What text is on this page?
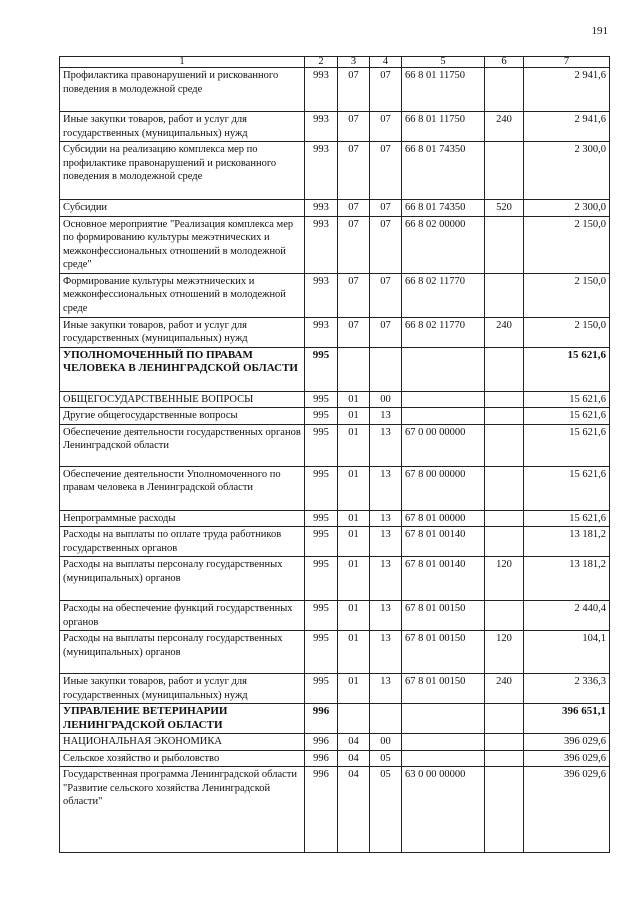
191
1	2	3	4	5	6	7
Профилактика правонарушений и рискованного поведения в молодежной среде	993	07	07	66 8 01 11750		2 941,6
Иные закупки товаров, работ и услуг для государственных (муниципальных) нужд	993	07	07	66 8 01 11750	240	2 941,6
Субсидии на реализацию комплекса мер по профилактике правонарушений и рискованного поведения в молодежной среде	993	07	07	66 8 01 74350		2 300,0
Субсидии	993	07	07	66 8 01 74350	520	2 300,0
Основное мероприятие "Реализация комплекса мер по формированию культуры межэтнических и межконфессиональных отношений в молодежной среде"	993	07	07	66 8 02 00000		2 150,0
Формирование культуры межэтнических и межконфессиональных отношений в молодежной среде	993	07	07	66 8 02 11770		2 150,0
Иные закупки товаров, работ и услуг для государственных (муниципальных) нужд	993	07	07	66 8 02 11770	240	2 150,0
УПОЛНОМОЧЕННЫЙ ПО ПРАВАМ ЧЕЛОВЕКА В ЛЕНИНГРАДСКОЙ ОБЛАСТИ	995					15 621,6
ОБЩЕГОСУДАРСТВЕННЫЕ ВОПРОСЫ	995	01	00			15 621,6
Другие общегосударственные вопросы	995	01	13			15 621,6
Обеспечение деятельности государственных органов Ленинградской области	995	01	13	67 0 00 00000		15 621,6
Обеспечение деятельности Уполномоченного по правам человека в Ленинградской области	995	01	13	67 8 00 00000		15 621,6
Непрограммные расходы	995	01	13	67 8 01 00000		15 621,6
Расходы на выплаты по оплате труда работников государственных органов	995	01	13	67 8 01 00140		13 181,2
Расходы на выплаты персоналу государственных (муниципальных) органов	995	01	13	67 8 01 00140	120	13 181,2
Расходы на обеспечение функций государственных органов	995	01	13	67 8 01 00150		2 440,4
Расходы на выплаты персоналу государственных (муниципальных) органов	995	01	13	67 8 01 00150	120	104,1
Иные закупки товаров, работ и услуг для государственных (муниципальных) нужд	995	01	13	67 8 01 00150	240	2 336,3
УПРАВЛЕНИЕ ВЕТЕРИНАРИИ ЛЕНИНГРАДСКОЙ ОБЛАСТИ	996					396 651,1
НАЦИОНАЛЬНАЯ ЭКОНОМИКА	996	04	00			396 029,6
Сельское хозяйство и рыболовство	996	04	05			396 029,6
Государственная программа Ленинградской области "Развитие сельского хозяйства Ленинградской области"	996	04	05	63 0 00 00000		396 029,6
